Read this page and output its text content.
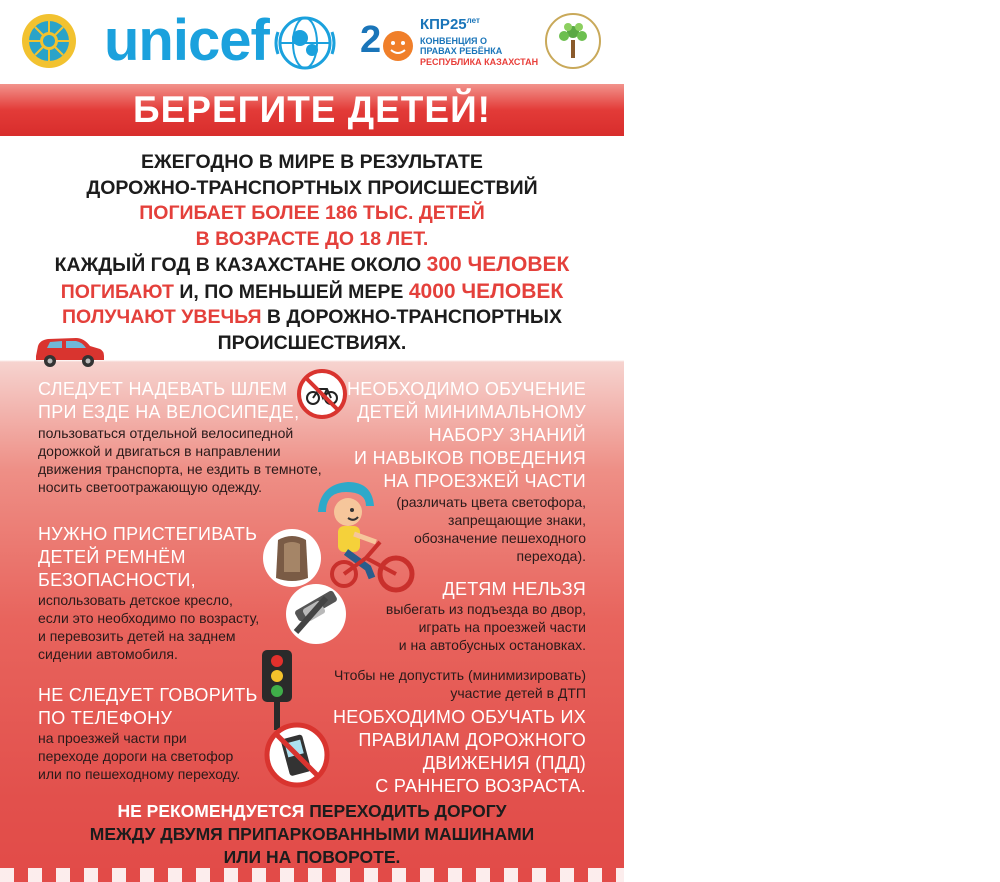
unicef 2	$КПР25^{лет}$
КОНВЕНЦИЯ О
ПРАВАХ РЕБЁНКА
РЕСПУБЛИКА КАЗАХСТАН
БЕРЕГИТЕ ДЕТЕЙ!
ЕЖЕГОДНО В МИРЕ В РЕЗУЛЬТАТЕ
ДОРОЖНО-ТРАНСПОРТНЫХ ПРОИСШЕСТВИЙ
ПОГИБАЕТ БОЛЕЕ 186 ТЫС. ДЕТЕЙ
В ВОЗРАСТЕ ДО 18 ЛЕТ.
КАЖДЫЙ ГОД В КАЗАХСТАНЕ ОКОЛО 300 ЧЕЛОВЕК
ПОГИБАЮТ И, ПО МЕНЬШЕЙ МЕРЕ 4000 ЧЕЛОВЕК
ПОЛУЧАЮТ УВЕЧЬЯ В ДОРОЖНО-ТРАНСПОРТНЫХ
ПРОИСШЕСТВИЯХ.
СЛЕДУЕТ НАДЕВАТЬ ШЛЕМ
ПРИ ЕЗДЕ НА ВЕЛОСИПЕДЕ,
пользоваться отдельной велосипедной
дорожкой и двигаться в направлении
движения транспорта, не ездить в темноте,
носить светоотражающую одежду.
НЕОБХОДИМО ОБУЧЕНИЕ
ДЕТЕЙ МИНИМАЛЬНОМУ
НАБОРУ ЗНАНИЙ
И НАВЫКОВ ПОВЕДЕНИЯ
НА ПРОЕЗЖЕЙ ЧАСТИ
(различать цвета светофора,
запрещающие знаки,
обозначение пешеходного
перехода).
НУЖНО ПРИСТЕГИВАТЬ
ДЕТЕЙ РЕМНЁМ
БЕЗОПАСНОСТИ,
использовать детское кресло,
если это необходимо по возрасту,
и перевозить детей на заднем
сидении автомобиля.
ДЕТЯМ НЕЛЬЗЯ
выбегать из подъезда во двор,
играть на проезжей части
и на автобусных остановках.
Чтобы не допустить (минимизировать)
участие детей в ДТП
НЕОБХОДИМО ОБУЧАТЬ ИХ
ПРАВИЛАМ ДОРОЖНОГО
ДВИЖЕНИЯ (ПДД)
С РАННЕГО ВОЗРАСТА.
НЕ СЛЕДУЕТ ГОВОРИТЬ
ПО ТЕЛЕФОНУ
на проезжей части при
переходе дороги на светофор
или по пешеходному переходу.
НЕ РЕКОМЕНДУЕТСЯ ПЕРЕХОДИТЬ ДОРОГУ
МЕЖДУ ДВУМЯ ПРИПАРКОВАННЫМИ МАШИНАМИ
ИЛИ НА ПОВОРОТЕ.
